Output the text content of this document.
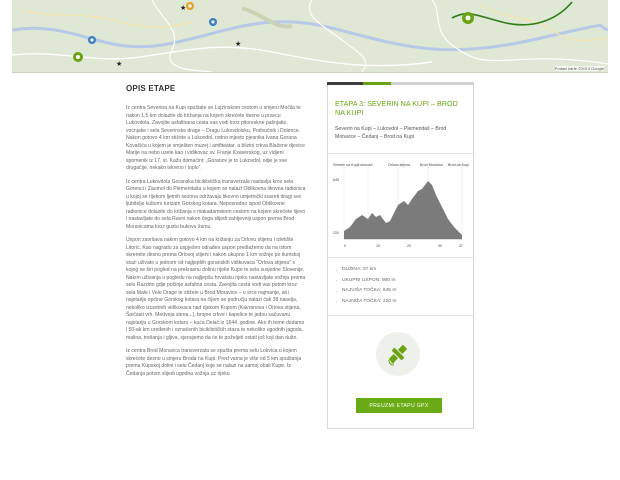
★
★
★
Podaci karte ©2013 Google
OPIS ETAPE

Iz centra Severina na Kupi spuštate se Lujzinskom cestom u smjeru Močila te nakon 1,5 km dolazite do križanja na kojem skrećete desno u pravcu Lukovdola. Zavojite asfaltirana cesta vas vodi kroz pitoreskne pašnjake, voćnjake i sela Severinske drage – Dragu Lukovdolsku, Podvučnik i Dolence. Nakon gotovo 4 km stižete u Lukovdol, rodno mjesto pjesnika Ivana Gorana Kovačića u kojem je smješten muzej i amfiteatar, a blizini crkva Blažene djevice Marije na nebo uzete kao i vidikovac sv. Franje Ksaverskog, uz vidjeni spomenik iz 17. st. Kažu domaćini: „Goranov je to Lukovdol, odje je sve drugačije, nekako iskreno i toplo“.

Iz centra Lukovdola Goranska biciklistička transverzala nastavlja kroz sela Gorenci i Zaumol do Plemenitaša u kojem se nalazi Oblikovna likovna radionica u kojoj se rijekom ljetnih sezona održavaju likovno umjetnički susreti dragi sve ljubitelje kulturni turizam Gorskog kotara. Neposredno ispod Oblikovne radionice dolazite do križanja s makadamskom cestom na kojem skrećete lijevo i nastavljate do sela Ravni nakon čega slijedi zahtjevniji uspon prema Brod Moravicama kroz gustu bukovu šumu.

Uspon završava nakon gotovo 4 km na križanju za Orlovu stijenu i izletište Litorić. Kao nagradu za uspješno odrađen uspon predlažemo da na istom skrenete desno prema Orlovoj stijeni i nakon ukupno 1 km vožnje po šumskoj stazi uživate u jednom od najljepših goranskih vidikovaca "Orlova stijena" s kojeg se širi pogled na prekrasnu dolinu rijeke Kupe te sela susjedne Slovenije. Nakon uživanja u pogledu na najljepšu hrvatsku rijeku nastavljate vožnju prema selu Razdrto gdje počinje asfaltna cesta. Zavojita cesta vodi vas potom kroz sela Male i Vele Drage te stižete u Brod Moravice – u srce najmanje, ali i najstarije općine Gorskog kotara na čijem se području nalazi čak 38 naselja, nekoliko izuzetnih vidikovaca nad rijekom Kupom (Kavranova i Orlova stijena, Špičasti vrh, Medveja stena...), brojne crkve i kapelice te jednu sačuvanu najstariju u Gorskom kotaru – kuća Delač iz 1644. godine. Ako ih tome dodamo i 50-ak km uređenih i označenih biciklističkih staza te nekoliko ugodnih jagoda, malina, trešanja i gljiva, sjenujemo da će te poželjeti ostati još koji dan duže.

Iz centra Brod Moravica transverzala se spušta prema selu Lokvica u kojem skrećete desno u smjeru Broda na Kupi. Pred vama je više od 5 km spuštanja prema Kupskoj dolini i selu Čedanj koje se nalazi na samoj obali Kupe. Iz Čedanja potom slijedi ugodna vožnja uz rijeku

ETAPA 3: SEVERIN NA KUPI – BROD NA KUPI
Severin na Kupi – Lukovdol – Plemenitaš – Brod Moravice – Čedanj – Brod na Kupi
Orlova stijena
Severin na Kupi Lukovdol	Brod Moravice Brod na Kupi
645
220
0	10	20	30	37
› DUŽINA: 37 km
› UKUPNI USPON: 900 m
› NAJVIŠA TOČKA: 645 m
› NAJNIŽA TOČKA: 220 m
PREUZMI ETAPU GPX
